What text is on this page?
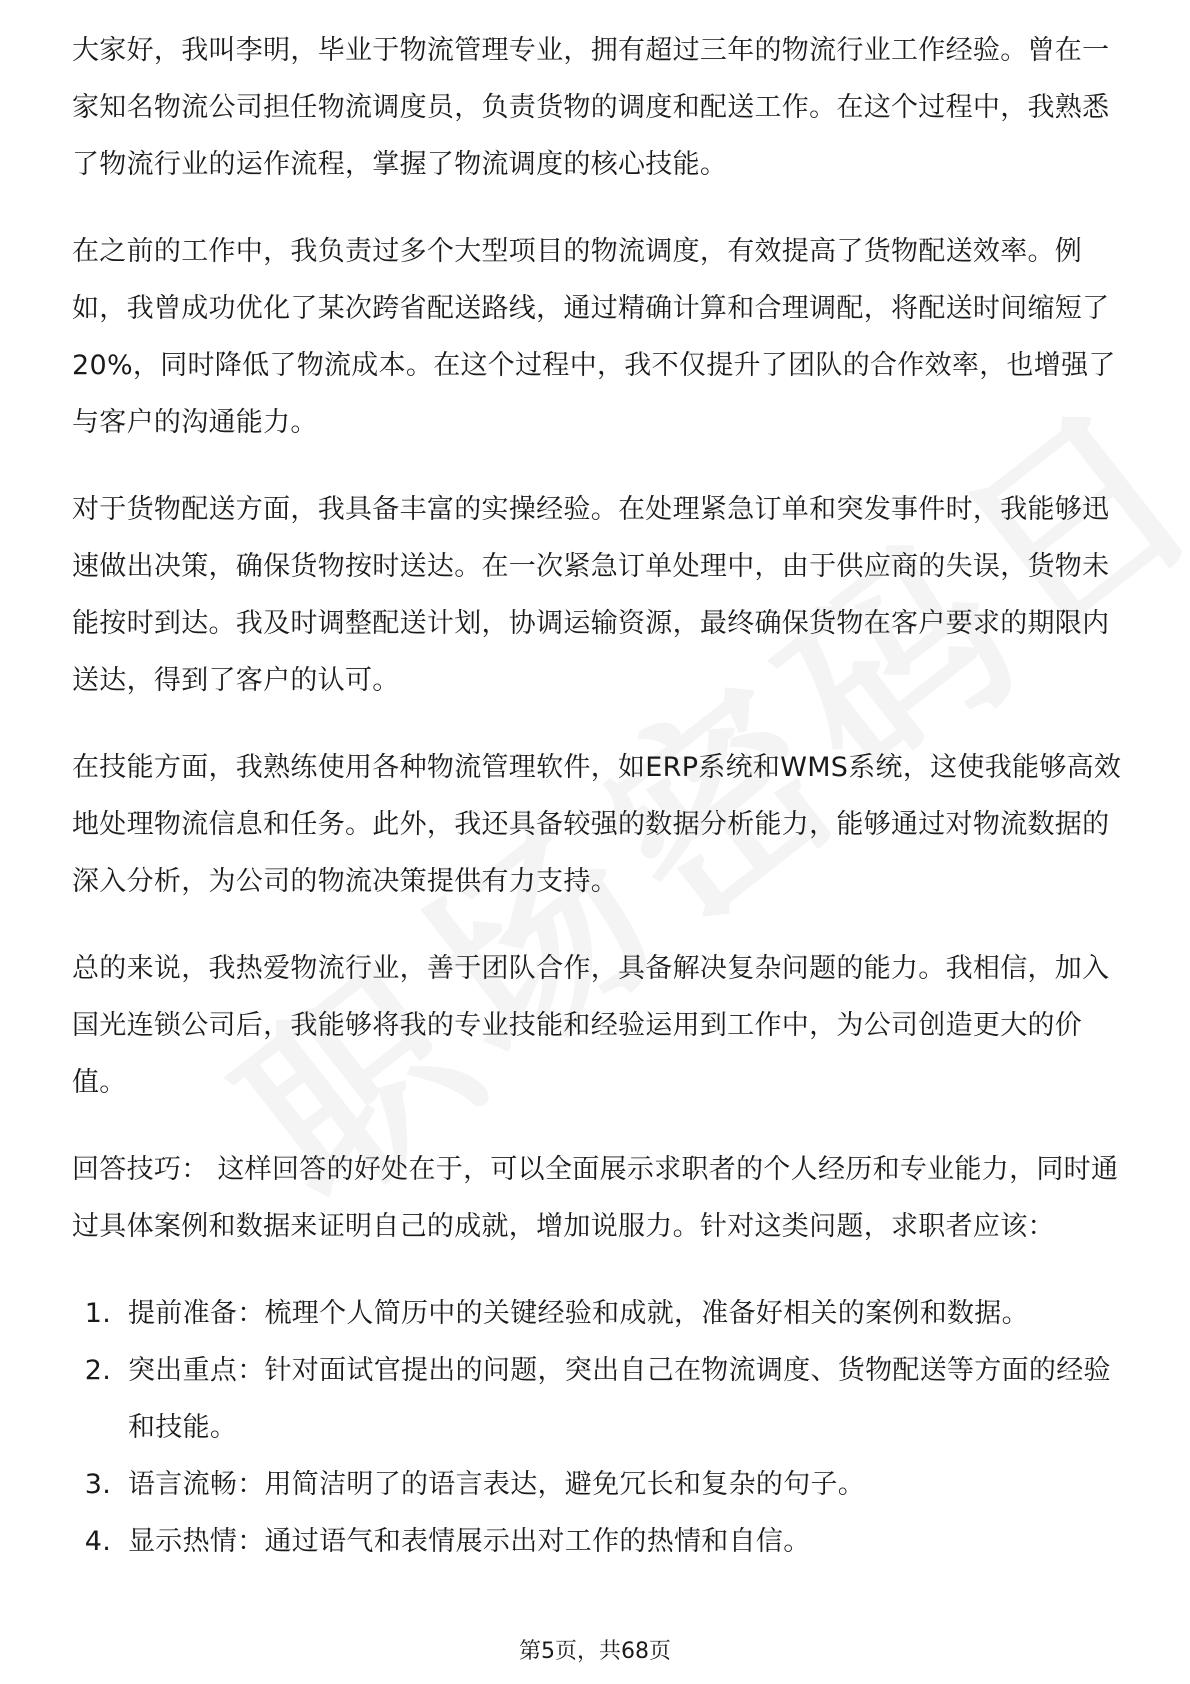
大家好，我叫李明，毕业于物流管理专业，拥有超过三年的物流行业工作经验。曾在一家知名物流公司担任物流调度员，负责货物的调度和配送工作。在这个过程中，我熟悉了物流行业的运作流程，掌握了物流调度的核心技能。

在之前的工作中，我负责过多个大型项目的物流调度，有效提高了货物配送效率。例如，我曾成功优化了某次跨省配送路线，通过精确计算和合理调配，将配送时间缩短了20%，同时降低了物流成本。在这个过程中，我不仅提升了团队的合作效率，也增强了与客户的沟通能力。

对于货物配送方面，我具备丰富的实操经验。在处理紧急订单和突发事件时，我能够迅速做出决策，确保货物按时送达。在一次紧急订单处理中，由于供应商的失误，货物未能按时到达。我及时调整配送计划，协调运输资源，最终确保货物在客户要求的期限内送达，得到了客户的认可。

在技能方面，我熟练使用各种物流管理软件，如ERP系统和WMS系统，这使我能够高效地处理物流信息和任务。此外，我还具备较强的数据分析能力，能够通过对物流数据的深入分析，为公司的物流决策提供有力支持。

总的来说，我热爱物流行业，善于团队合作，具备解决复杂问题的能力。我相信，加入国光连锁公司后，我能够将我的专业技能和经验运用到工作中，为公司创造更大的价值。

回答技巧： 这样回答的好处在于，可以全面展示求职者的个人经历和专业能力，同时通过具体案例和数据来证明自己的成就，增加说服力。针对这类问题，求职者应该：

1. 提前准备：梳理个人简历中的关键经验和成就，准备好相关的案例和数据。
2. 突出重点：针对面试官提出的问题，突出自己在物流调度、货物配送等方面的经验和技能。
3. 语言流畅：用简洁明了的语言表达，避免冗长和复杂的句子。
4. 显示热情：通过语气和表情展示出对工作的热情和自信。
第5页，共68页
